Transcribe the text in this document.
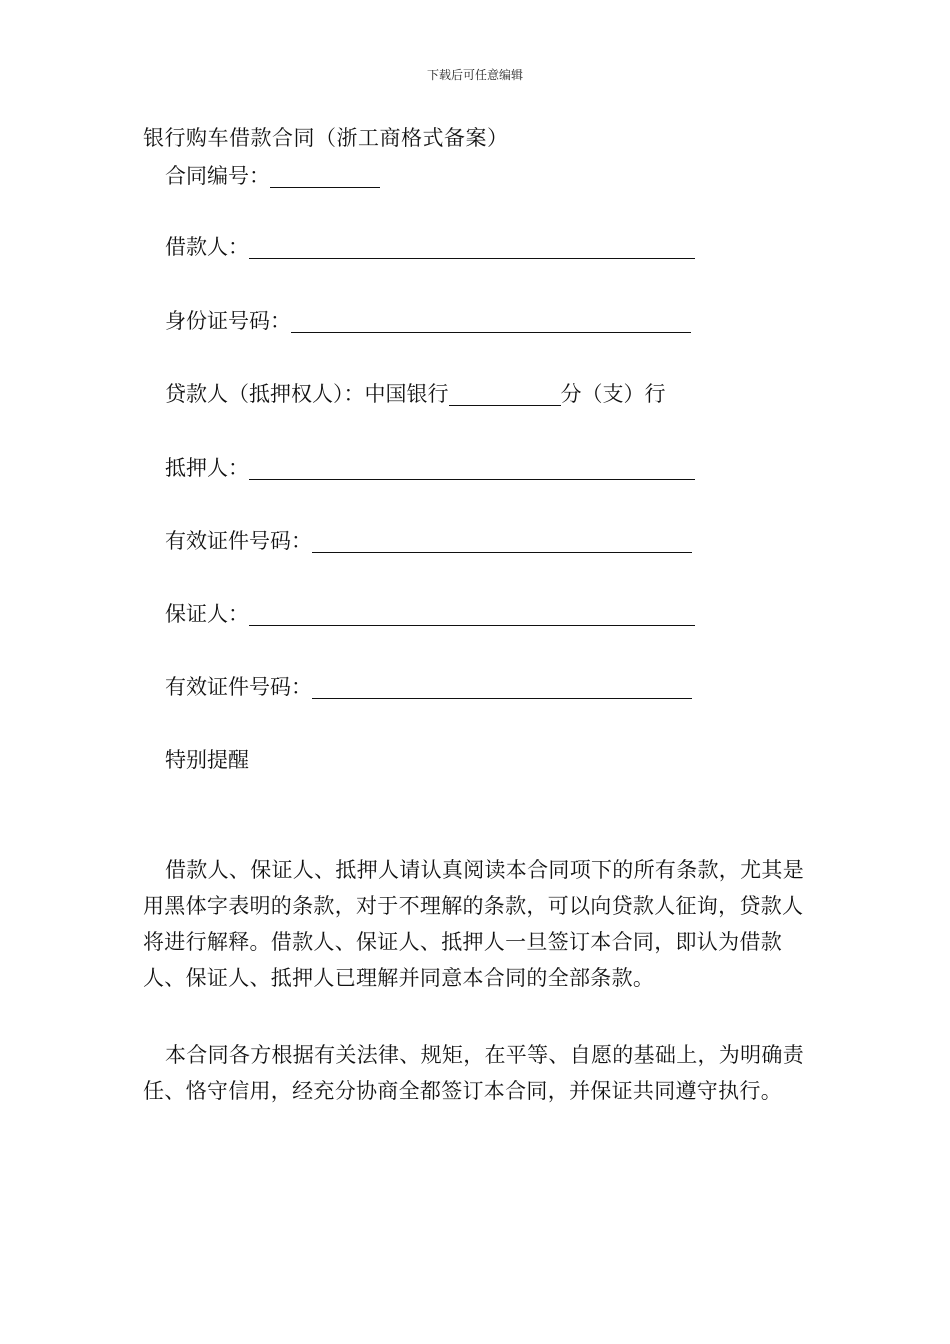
下载后可任意编辑
银行购车借款合同（浙工商格式备案）
合同编号：
借款人：
身份证号码：
贷款人（抵押权人）：中国银行	分（支）行
抵押人：
有效证件号码：
保证人：
有效证件号码：
特别提醒

借款人、保证人、抵押人请认真阅读本合同项下的所有条款，尤其是用黑体字表明的条款，对于不理解的条款，可以向贷款人征询，贷款人将进行解释。借款人、保证人、抵押人一旦签订本合同，即认为借款人、保证人、抵押人已理解并同意本合同的全部条款。

本合同各方根据有关法律、规矩，在平等、自愿的基础上，为明确责任、恪守信用，经充分协商全都签订本合同，并保证共同遵守执行。
